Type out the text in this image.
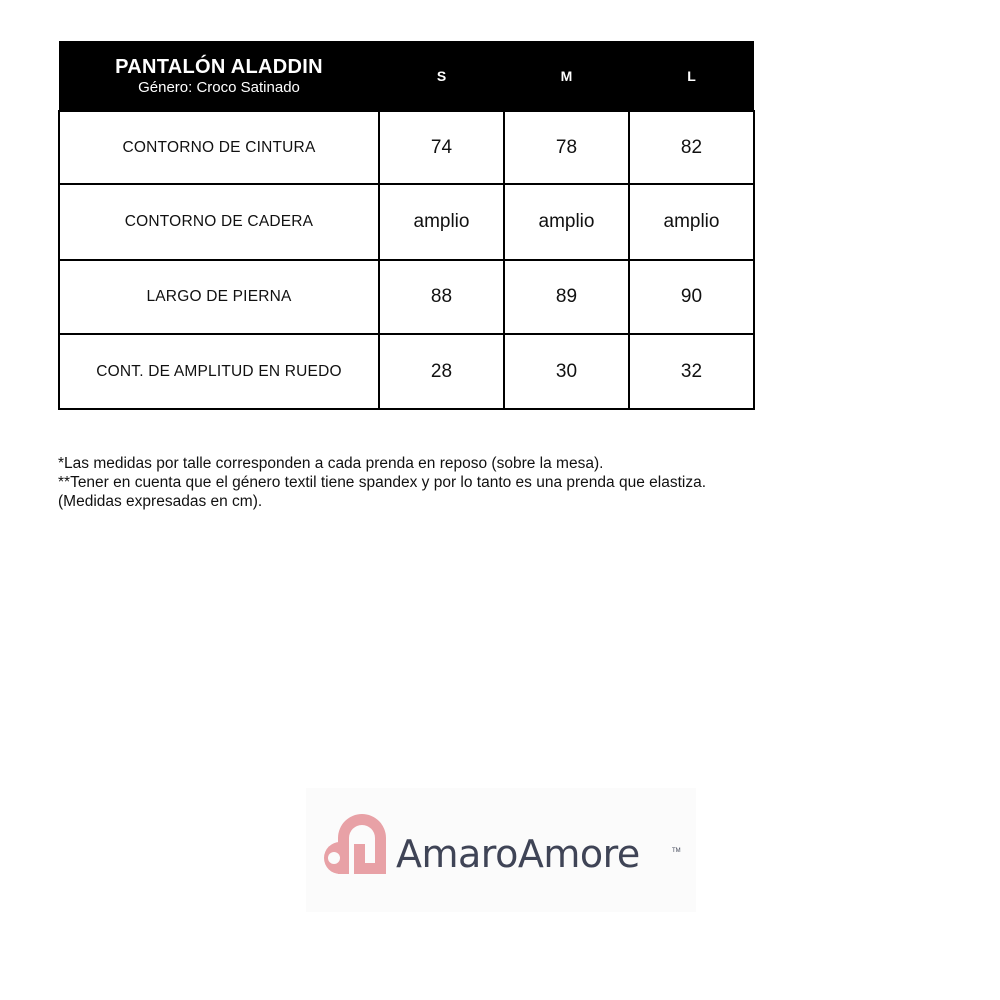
PANTALÓN ALADDIN
Género: Croco Satinado	S	M	L
CONTORNO DE CINTURA	74	78	82
CONTORNO DE CADERA	amplio	amplio	amplio
LARGO DE PIERNA	88	89	90
CONT. DE AMPLITUD EN RUEDO	28	30	32

*Las medidas por talle corresponden a cada prenda en reposo (sobre la mesa).

**Tener en cuenta que el género textil tiene spandex y por lo tanto es una prenda que elastiza.

(Medidas expresadas en cm).

AmaroAmore	TM
